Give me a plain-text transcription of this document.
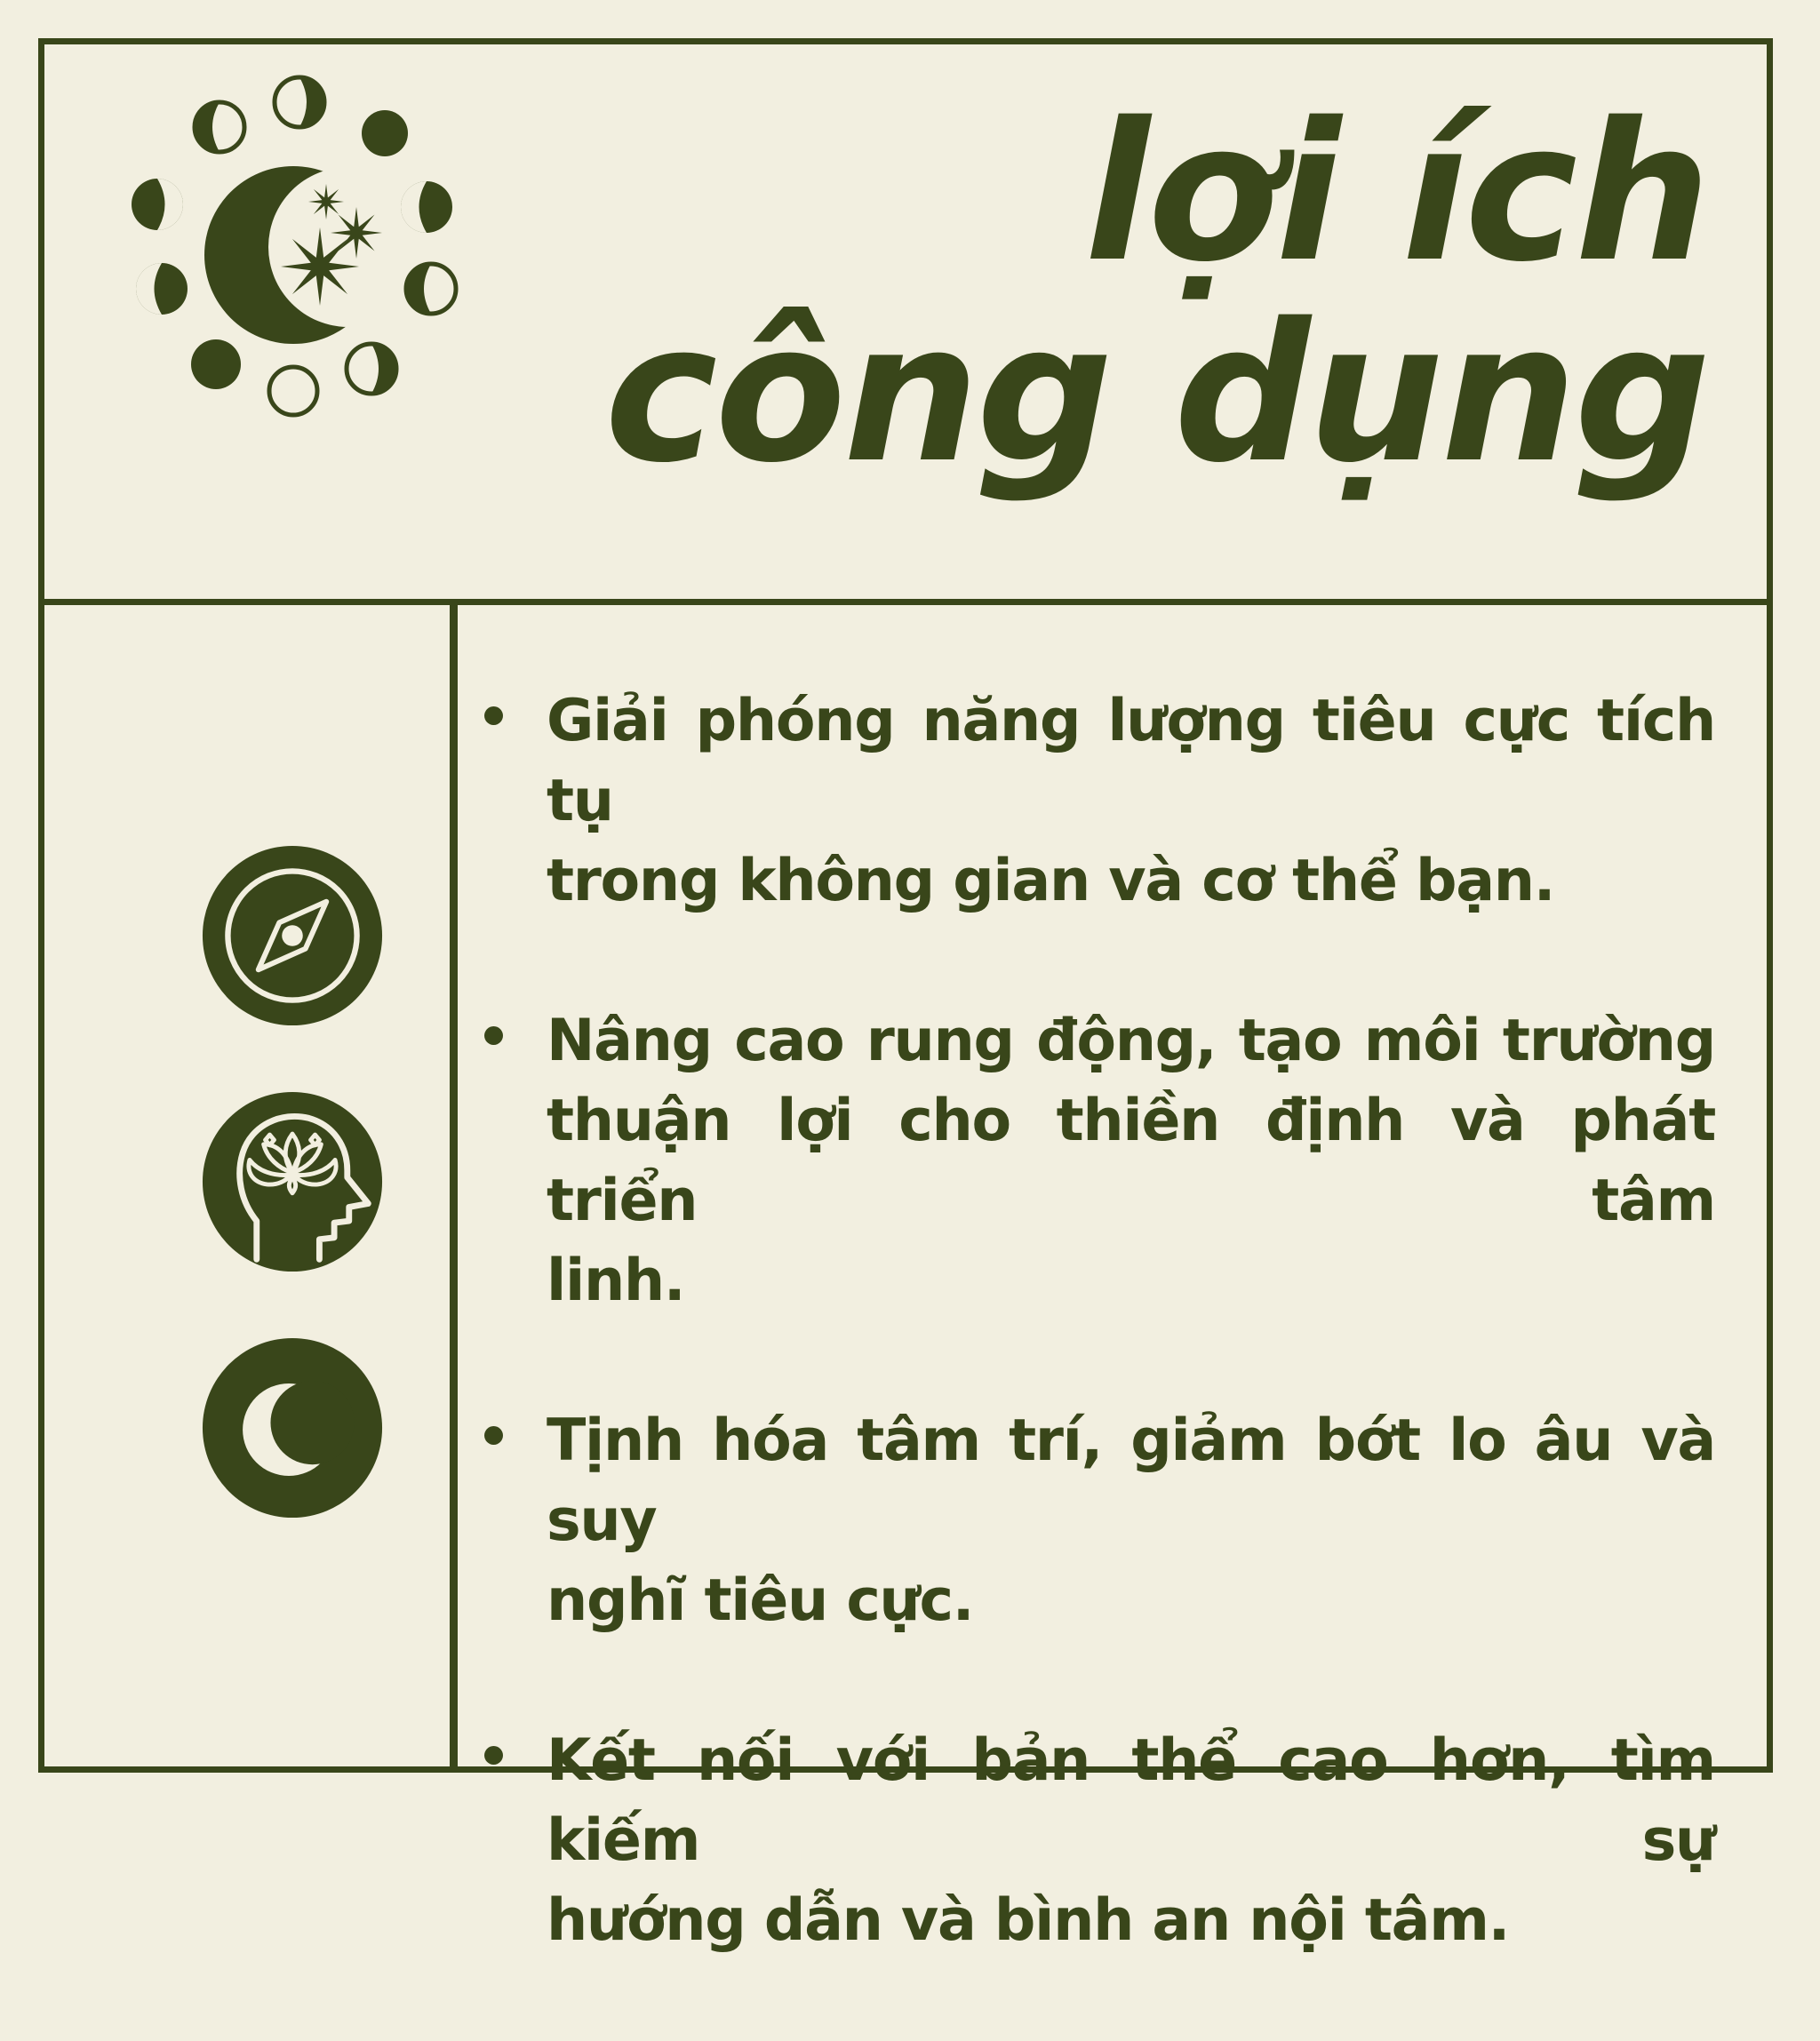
lợi ích
công dụng
Giải phóng năng lượng tiêu cực tích tụ
trong không gian và cơ thể bạn.
Nâng cao rung động, tạo môi trường
thuận lợi cho thiền định và phát triển tâm
linh.
Tịnh hóa tâm trí, giảm bớt lo âu và suy
nghĩ tiêu cực.
Kết nối với bản thể cao hơn, tìm kiếm sự
hướng dẫn và bình an nội tâm.
